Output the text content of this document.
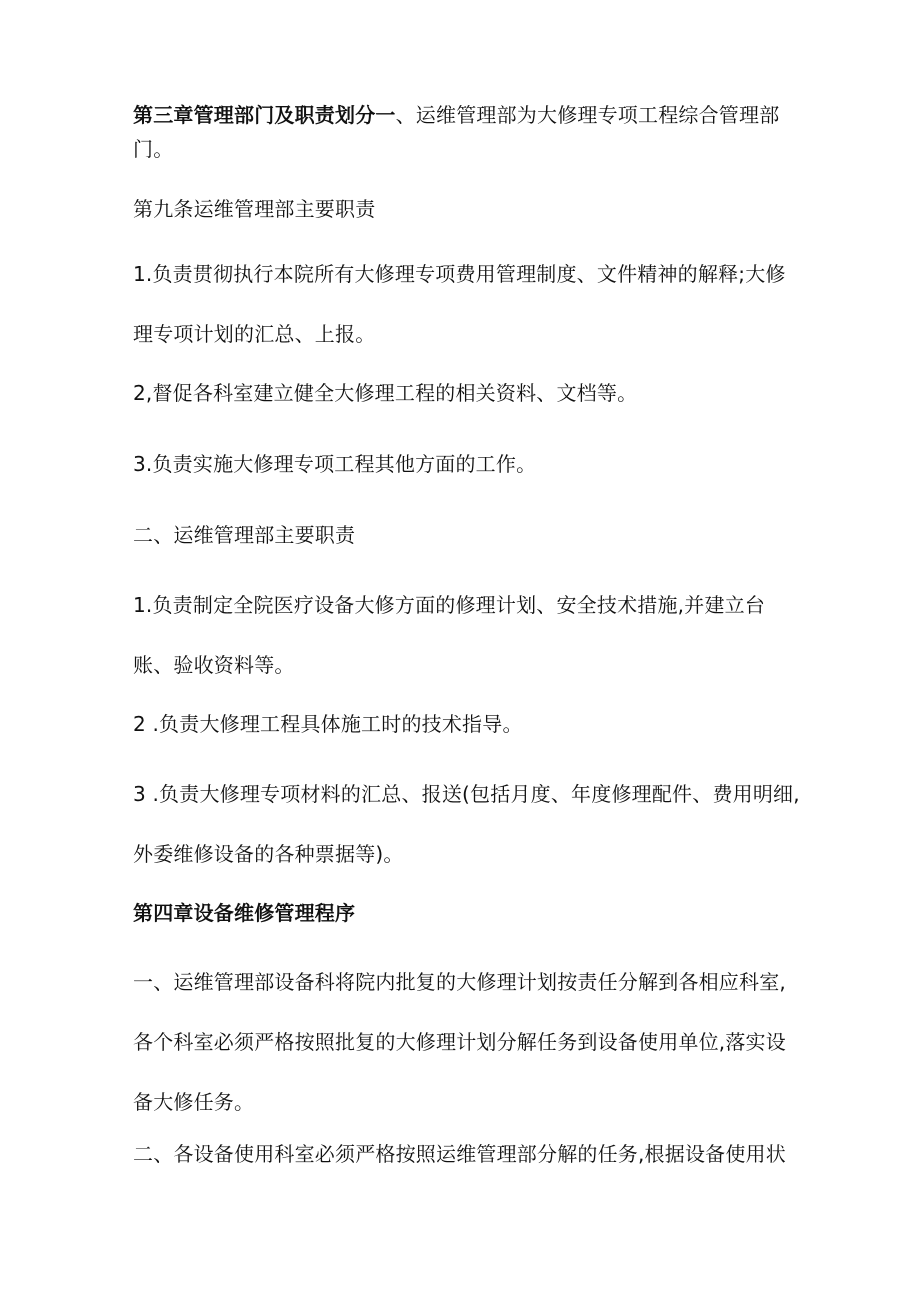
第三章管理部门及职责划分一、运维管理部为大修理专项工程综合管理部门。

第九条运维管理部主要职责

1.负责贯彻执行本院所有大修理专项费用管理制度、文件精神的解释;大修理专项计划的汇总、上报。

2,督促各科室建立健全大修理工程的相关资料、文档等。

3.负责实施大修理专项工程其他方面的工作。

二、运维管理部主要职责

1.负责制定全院医疗设备大修方面的修理计划、安全技术措施,并建立台账、验收资料等。

2 .负责大修理工程具体施工时的技术指导。

3 .负责大修理专项材料的汇总、报送(包括月度、年度修理配件、费用明细,外委维修设备的各种票据等)。

第四章设备维修管理程序

一、运维管理部设备科将院内批复的大修理计划按责任分解到各相应科室,各个科室必须严格按照批复的大修理计划分解任务到设备使用单位,落实设备大修任务。

二、各设备使用科室必须严格按照运维管理部分解的任务,根据设备使用状
